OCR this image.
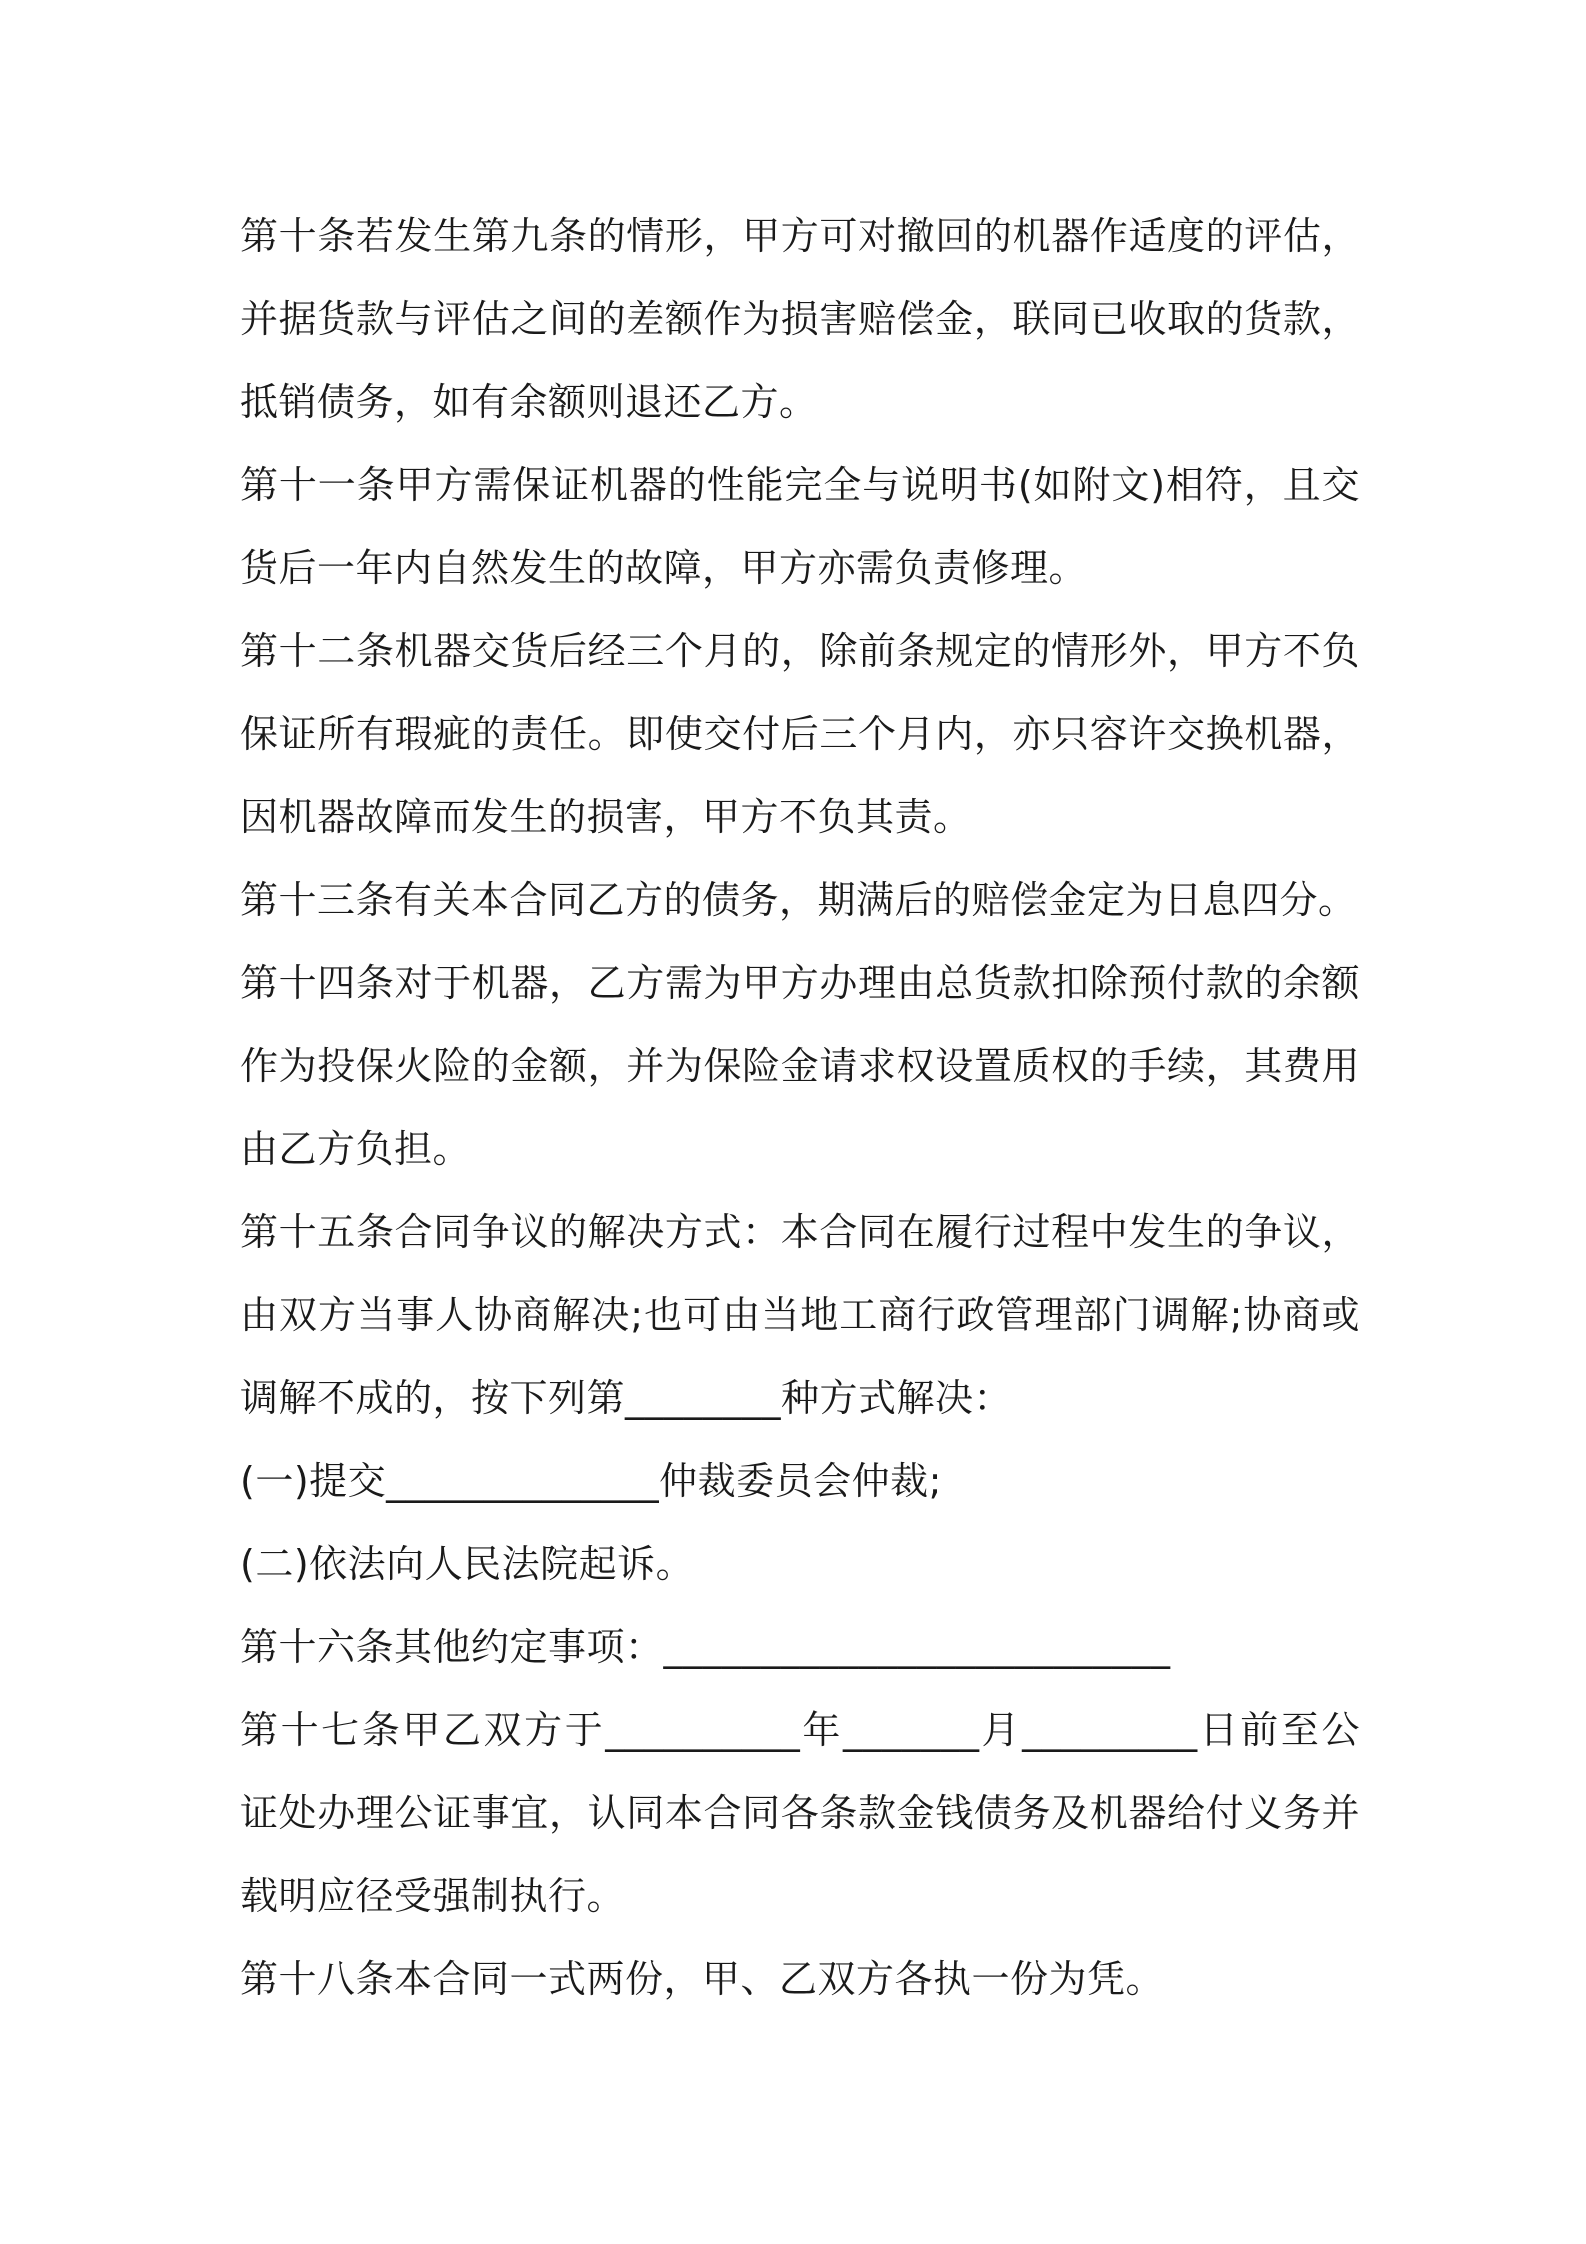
第十条若发生第九条的情形，甲方可对撤回的机器作适度的评估，并据货款与评估之间的差额作为损害赔偿金，联同已收取的货款，抵销债务，如有余额则退还乙方。

第十一条甲方需保证机器的性能完全与说明书(如附文)相符，且交货后一年内自然发生的故障，甲方亦需负责修理。

第十二条机器交货后经三个月的，除前条规定的情形外，甲方不负保证所有瑕疵的责任。即使交付后三个月内，亦只容许交换机器，因机器故障而发生的损害，甲方不负其责。

第十三条有关本合同乙方的债务，期满后的赔偿金定为日息四分。

第十四条对于机器，乙方需为甲方办理由总货款扣除预付款的余额作为投保火险的金额，并为保险金请求权设置质权的手续，其费用由乙方负担。

第十五条合同争议的解决方式：本合同在履行过程中发生的争议，由双方当事人协商解决;也可由当地工商行政管理部门调解;协商或调解不成的，按下列第________种方式解决：

(一)提交______________仲裁委员会仲裁;

(二)依法向人民法院起诉。

第十六条其他约定事项：__________________________

第十七条甲乙双方于__________年_______月_________日前至公证处办理公证事宜，认同本合同各条款金钱债务及机器给付义务并载明应径受强制执行。

第十八条本合同一式两份，甲、乙双方各执一份为凭。
